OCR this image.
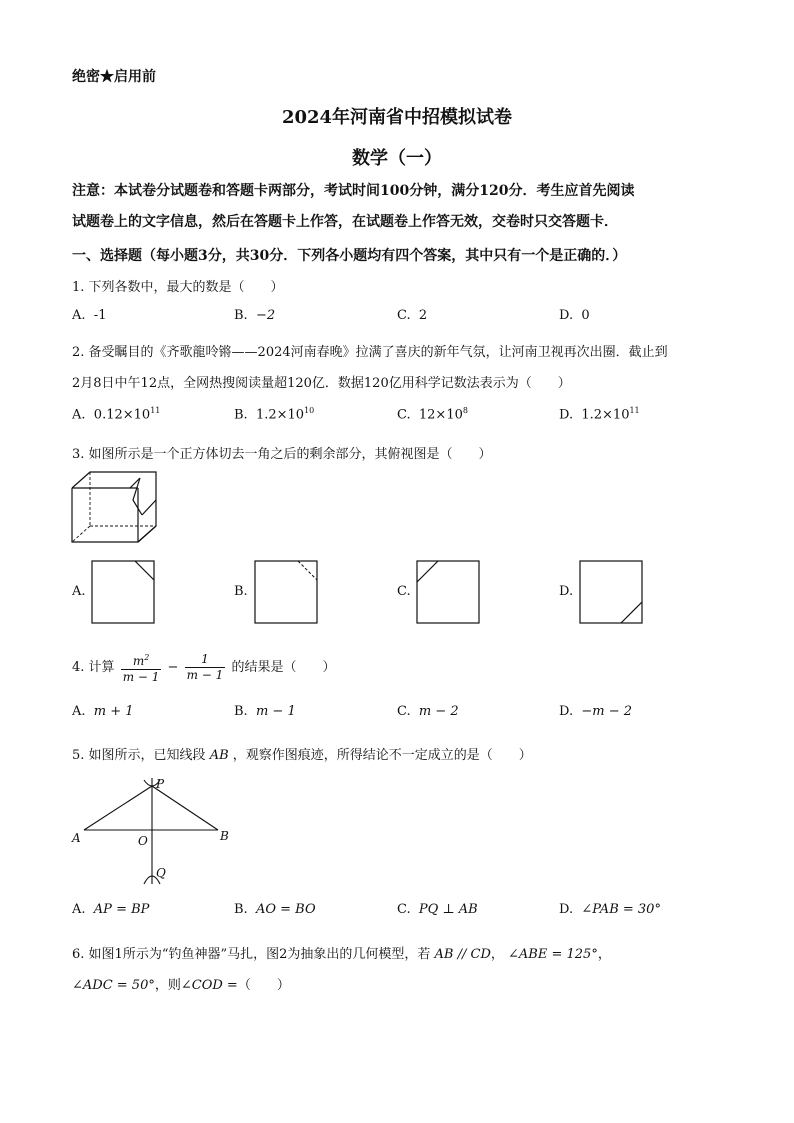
绝密★启用前
2024年河南省中招模拟试卷
数学（一）
注意：本试卷分试题卷和答题卡两部分，考试时间100分钟，满分120分．考生应首先阅读
试题卷上的文字信息，然后在答题卡上作答，在试题卷上作答无效，交卷时只交答题卡．
一、选择题（每小题3分，共30分．下列各小题均有四个答案，其中只有一个是正确的．）
1. 下列各数中，最大的数是（　　）
A. -1	B. −2	C. 2	D. 0
2. 备受瞩目的《齐歌龍呤锵——2024河南春晚》拉满了喜庆的新年气氛，让河南卫视再次出圈．截止到
2月8日中午12点，全网热搜阅读量超120亿．数据120亿用科学记数法表示为（　　）
A. $0.12\times 10^{11}$	B. $1.2\times 10^{10}$	C. $12\times 10^8$	D. $1.2\times 10^{11}$
3. 如图所示是一个正方体切去一角之后的剩余部分，其俯视图是（　　）
A.	B.	C.	D.
4. 计算 $\frac{m^2}{m - 1} - \frac{1}{m - 1}$ 的结果是（　　）
A. m + 1	B. m − 1	C. m − 2	D. −m − 2
5. 如图所示，已知线段 AB ，观察作图痕迹，所得结论不一定成立的是（　　）
P
A	O	B
Q
A. AP = BP	B. AO = BO	C. PQ ⊥ AB	D. ∠PAB = 30°
6. 如图1所示为“钓鱼神器”马扎，图2为抽象出的几何模型，若 AB // CD， ∠ABE = 125°，
∠ADC = 50°，则∠COD =（　　）
